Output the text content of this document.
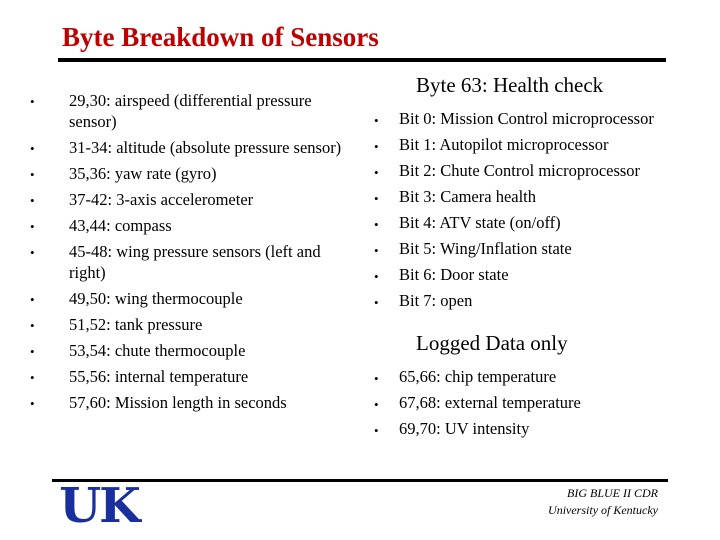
Byte Breakdown of Sensors
• 29,30: airspeed (differential pressure sensor)
• 31-34: altitude (absolute pressure sensor)
• 35,36: yaw rate (gyro)
• 37-42: 3-axis accelerometer
• 43,44: compass
• 45-48: wing pressure sensors (left and right)
• 49,50: wing thermocouple
• 51,52: tank pressure
• 53,54: chute thermocouple
• 55,56: internal temperature
• 57,60: Mission length in seconds
Byte 63: Health check
• Bit 0: Mission Control microprocessor
• Bit 1: Autopilot microprocessor
• Bit 2: Chute Control microprocessor
• Bit 3: Camera health
• Bit 4: ATV state (on/off)
• Bit 5: Wing/Inflation state
• Bit 6: Door state
• Bit 7: open
Logged Data only
• 65,66: chip temperature
• 67,68: external temperature
• 69,70: UV intensity
UK	BIG BLUE II CDR
University of Kentucky
